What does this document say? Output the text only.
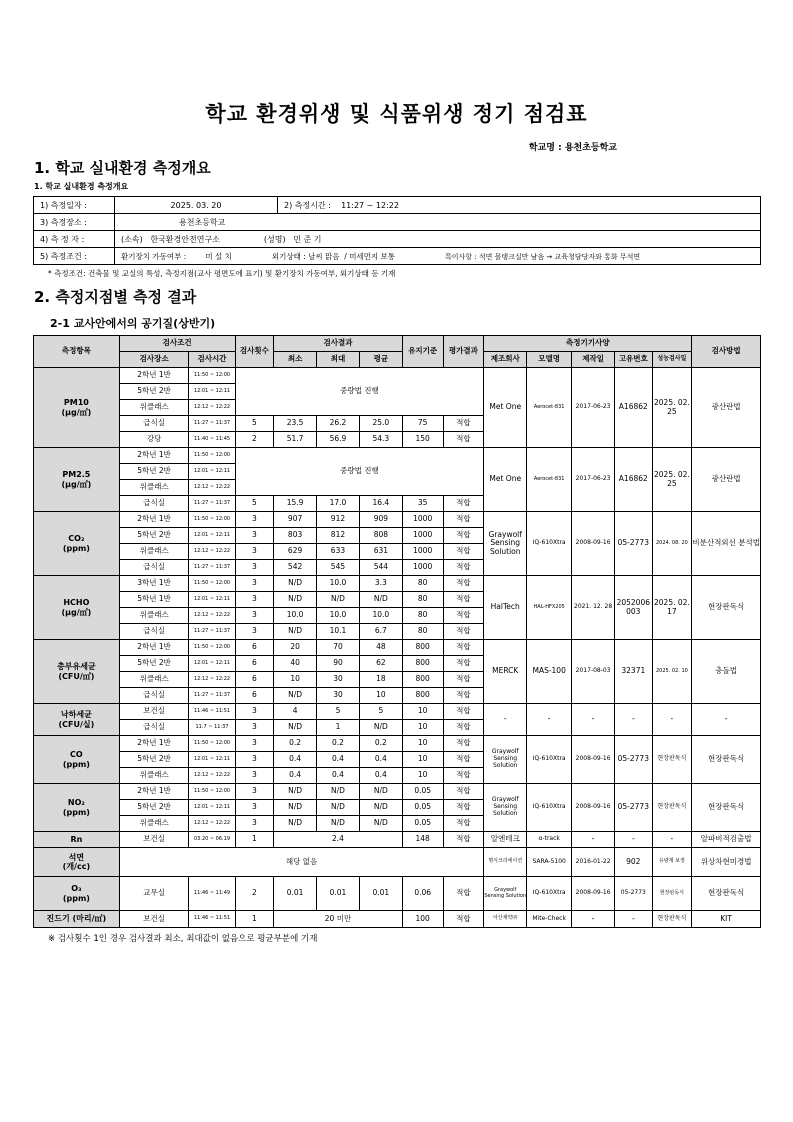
학교 환경위생 및 식품위생 정기 점검표
학교명 : 용천초등학교
1. 학교 실내환경 측정개요
1. 학교 실내환경 측정개요
1) 측정일자 :	2025. 03. 20	2) 측정시간 : 11:27 ~ 12:22
3) 측정장소 :	용천초등학교	
4) 측 정 자 :	(소속) 한국환경안전연구소 (성명) 민 준 기	
5) 측정조건 :	환기장치 가동여부 : 미 설 치 외기상태 : 날씨 맑음 / 미세먼지 보통 특이사항 : 석면 몰탱크실만 남음 → 교육청담당자와 통화 무석면	
* 측정조건: 건축물 및 교실의 특성, 측정지점(교사 평면도에 표기) 및 환기장치 가동여부, 외기상태 등 기재
2. 측정지점별 측정 결과
2-1 교사안에서의 공기질(상반기)
측정항목	검사조건		검사횟수	검사결과			유지기준	평가결과	측정기기사양					검사방법
	검사장소	검사시간		최소	최대	평균			제조회사	모델명	제작일	고유번호	성능검사일	
PM10
(μg/㎥)	2학년 1반	11:50 ~ 12:00	중량법 진행						Met One	Aerocet-831	2017-06-23	A16862	2025. 02. 25	광산란법
	5학년 2반	12:01 ~ 12:11												
	위클래스	12:12 ~ 12:22												
	급식실	11:27 ~ 11:37	5	23.5	26.2	25.0	75	적합						
	강당	11:40 ~ 11:45	2	51.7	56.9	54.3	150	적합						
PM2.5
(μg/㎥)	2학년 1반	11:50 ~ 12:00	중량법 진행						Met One	Aerocet-831	2017-06-23	A16862	2025. 02. 25	광산란법
	5학년 2반	12:01 ~ 12:11												
	위클래스	12:12 ~ 12:22												
	급식실	11:27 ~ 11:37	5	15.9	17.0	16.4	35	적합						
CO₂
(ppm)	2학년 1반	11:50 ~ 12:00	3	907	912	909	1000	적합	Graywolf Sensing Solution	IQ-610Xtra	2008-09-16	05-2773	2024. 08. 20	비분산적외선 분석법
	5학년 2반	12:01 ~ 12:11	3	803	812	808	1000	적합						
	위클래스	12:12 ~ 12:22	3	629	633	631	1000	적합						
	급식실	11:27 ~ 11:37	3	542	545	544	1000	적합						
HCHO
(μg/㎥)	3학년 1반	11:50 ~ 12:00	3	N/D	10.0	3.3	80	적합	HalTech	HAL-HFX205	2021. 12. 28	2052006003	2025. 02. 17	현장판독식
	5학년 1반	12:01 ~ 12:11	3	N/D	N/D	N/D	80	적합						
	위클래스	12:12 ~ 12:22	3	10.0	10.0	10.0	80	적합						
	급식실	11:27 ~ 11:37	3	N/D	10.1	6.7	80	적합						
총부유세균
(CFU/㎥)	2학년 1반	11:50 ~ 12:00	6	20	70	48	800	적합	MERCK	MAS-100	2017-08-03	32371	2025. 02. 10	충돌법
	5학년 2반	12:01 ~ 12:11	6	40	90	62	800	적합						
	위클래스	12:12 ~ 12:22	6	10	30	18	800	적합						
	급식실	11:27 ~ 11:37	6	N/D	30	10	800	적합						
낙하세균
(CFU/실)	보건실	11:46 ~ 11:51	3	4	5	5	10	적합	-	-	-	-	-	-
	급식실	11:7 ~ 11:37	3	N/D	1	N/D	10	적합						
CO
(ppm)	2학년 1반	11:50 ~ 12:00	3	0.2	0.2	0.2	10	적합	Graywolf Sensing Solution	IQ-610Xtra	2008-09-16	05-2773	현장판독식	현장판독식
	5학년 2반	12:01 ~ 12:11	3	0.4	0.4	0.4	10	적합						
	위클래스	12:12 ~ 12:22	3	0.4	0.4	0.4	10	적합						
NO₂
(ppm)	2학년 1반	11:50 ~ 12:00	3	N/D	N/D	N/D	0.05	적합	Graywolf Sensing Solution	IQ-610Xtra	2008-09-16	05-2773	현장판독식	현장판독식
	5학년 2반	12:01 ~ 12:11	3	N/D	N/D	N/D	0.05	적합						
	위클래스	12:12 ~ 12:22	3	N/D	N/D	N/D	0.05	적합						
Rn	보건실	03.20 ~ 06.19	1	2.4			148	적합	알엔테크	α-track	-	-	-	알파비적검출법
석면
(개/cc)	해당 없음								명식크리에이션	SARA-5100	2016-01-22	902	유량계 보정	위상차현미경법
O₃
(ppm)	교무실	11:46 ~ 11:49	2	0.01	0.01	0.01	0.06	적합	Graywolf Sensing Solution	IQ-610Xtra	2008-09-16	05-2773	현장판독식	현장판독식
진드기 (마리/㎡)	보건실	11:46 ~ 11:51	1	20 미만			100	적합	아산제약㈜	Mite-Check	-	-	현장판독식	KIT
※ 검사횟수 1인 경우 검사결과 최소, 최대값이 없음으로 평균부분에 기재
